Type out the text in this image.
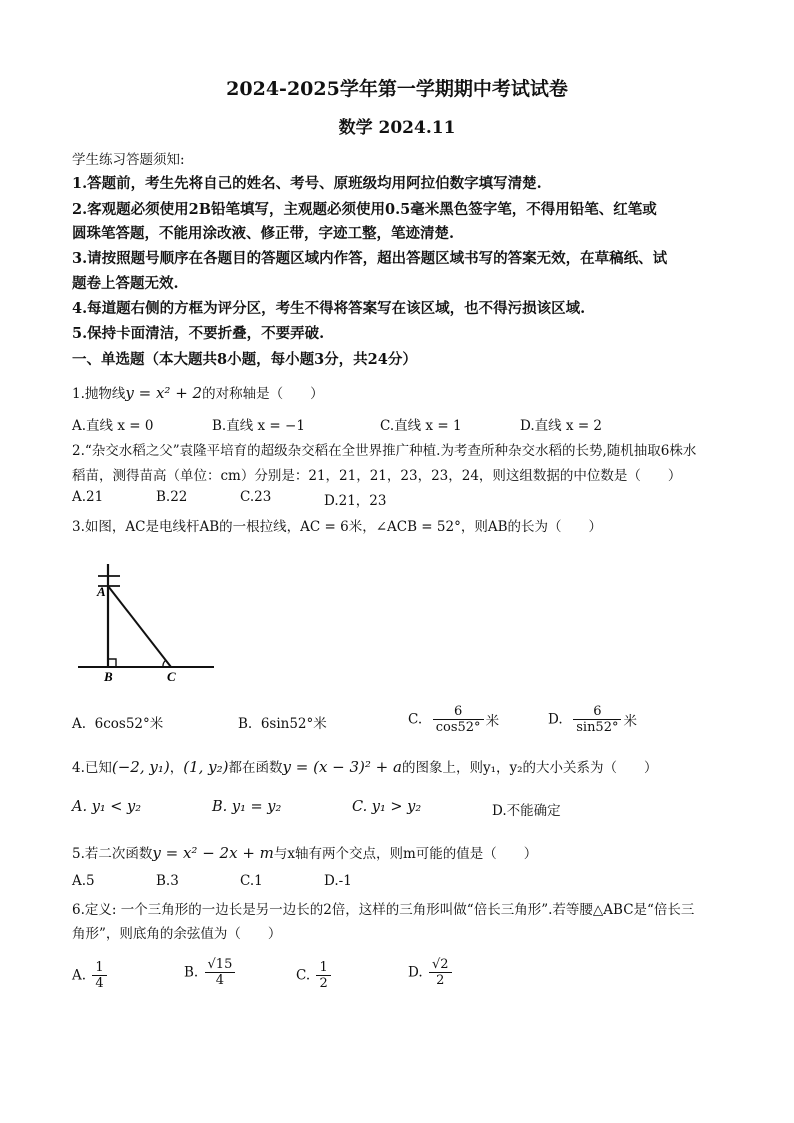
2024-2025学年第一学期期中考试试卷
数学 2024.11
学生练习答题须知:
1.答题前，考生先将自己的姓名、考号、原班级均用阿拉伯数字填写清楚.
2.客观题必须使用2B铅笔填写，主观题必须使用0.5毫米黑色签字笔，不得用铅笔、红笔或
圆珠笔答题，不能用涂改液、修正带，字迹工整，笔迹清楚.
3.请按照题号顺序在各题目的答题区域内作答，超出答题区域书写的答案无效，在草稿纸、试
题卷上答题无效.
4.每道题右侧的方框为评分区，考生不得将答案写在该区域，也不得污损该区域.
5.保持卡面清洁，不要折叠，不要弄破.
一、单选题（本大题共8小题，每小题3分，共24分）
1.抛物线y = x² + 2的对称轴是（　　）
A.直线 x = 0	B.直线 x = −1	C.直线 x = 1	D.直线 x = 2
2.“杂交水稻之父”袁隆平培育的超级杂交稻在全世界推广种植.为考查所种杂交水稻的长势,随机抽取6株水
稻苗，测得苗高（单位：cm）分别是：21，21，21，23，23，24，则这组数据的中位数是（　　）
A.21	B.22	C.23	D.21，23
3.如图，AC是电线杆AB的一根拉线，AC = 6米，∠ACB = 52°，则AB的长为（　　）
A
B	C
A. 6cos52°米	B. 6sin52°米	C. $\frac{6}{\cos 52^\circ}$ 米	D. $\frac{6}{\sin 52^\circ}$ 米
4.已知(−2, y₁)，(1, y₂)都在函数y = (x − 3)² + a的图象上，则y₁，y₂的大小关系为（　　）
A. y₁ < y₂	B. y₁ = y₂	C. y₁ > y₂	D.不能确定
5.若二次函数y = x² − 2x + m与x轴有两个交点，则m可能的值是（　　）
A.5	B.3	C.1	D.-1
6.定义: 一个三角形的一边长是另一边长的2倍，这样的三角形叫做“倍长三角形”.若等腰△ABC是“倍长三
角形”，则底角的余弦值为（　　）
A. $\frac{1}{4}$	B. $\frac{√15}{4}$	C. $\frac{1}{2}$	D. $\frac{√2}{2}$
